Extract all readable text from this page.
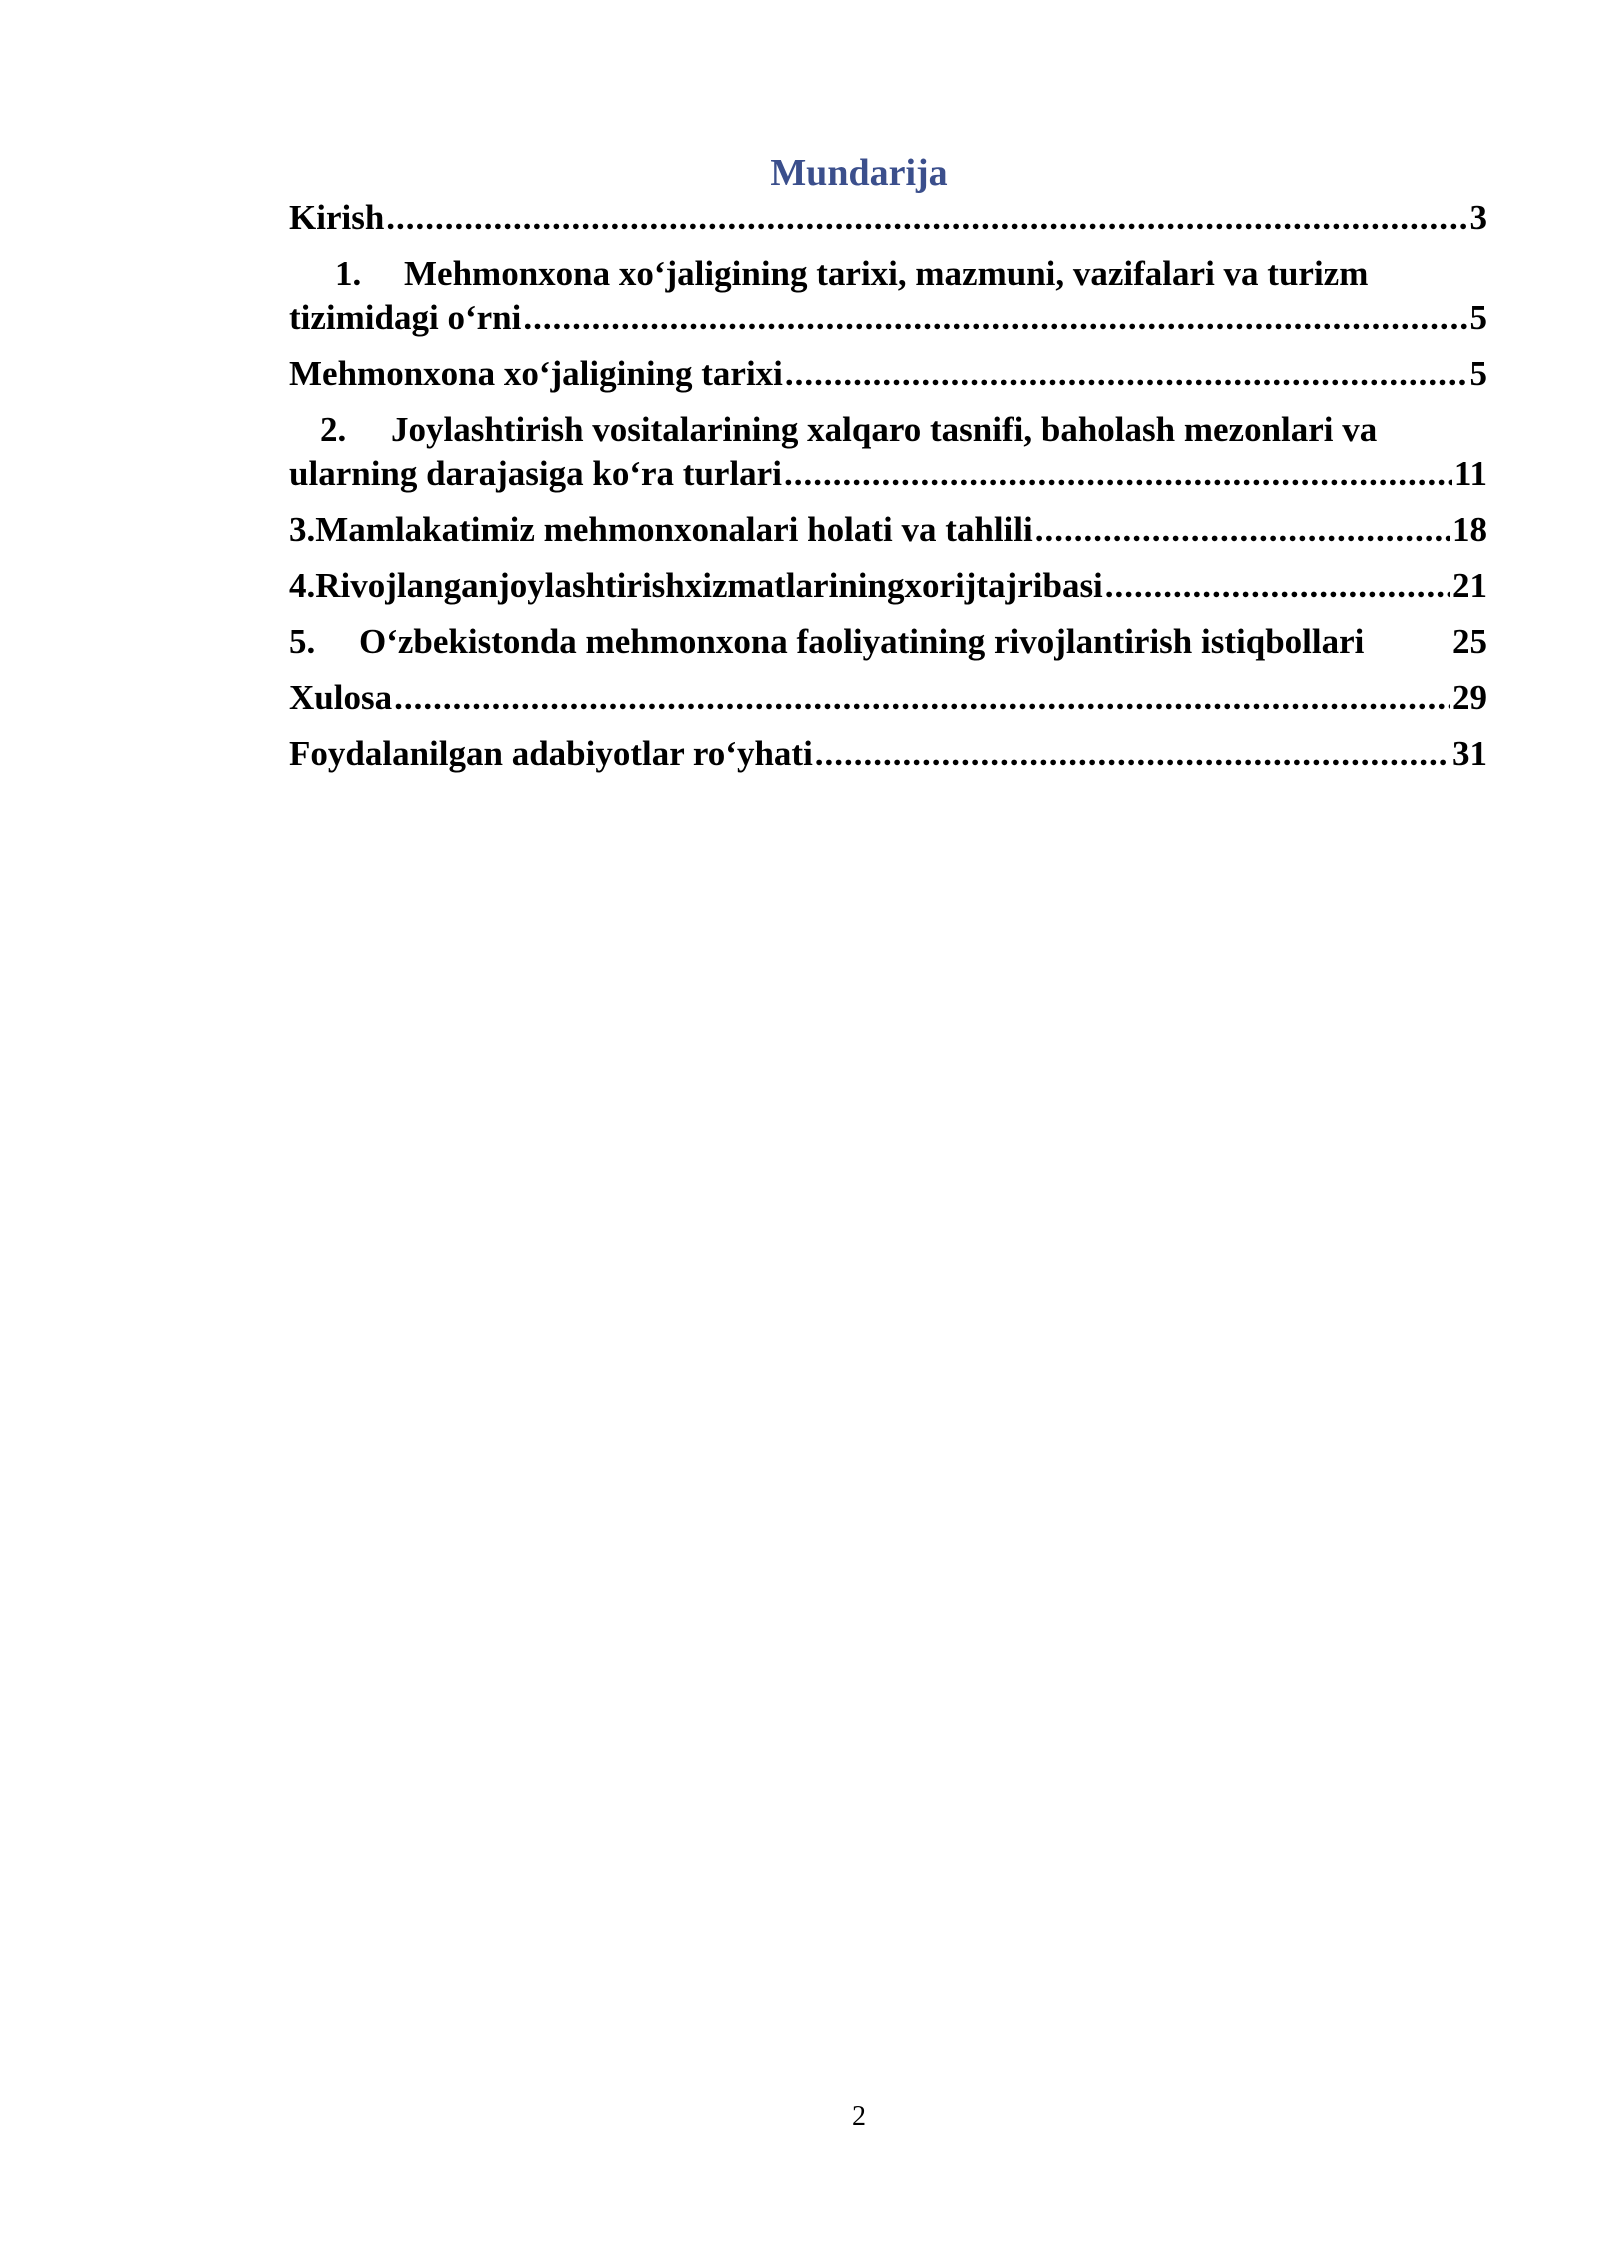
Mundarija
Kirish .....	3
1. Mehmonxona xo‘jaligining tarixi, mazmuni, vazifalari va turizm
tizimidagi o‘rni .....	5
Mehmonxona xo‘jaligining tarixi .....	5
2. Joylashtirish vositalarining xalqaro tasnifi, baholash mezonlari va
ularning darajasiga ko‘ra turlari .....	11
3. Mamlakatimiz mehmonxonalari holati va tahlili .....	18
4. Rivojlangan joylashtirish xizmatlarining xorij tajribasi .....	21
5.	O‘zbekistonda mehmonxona faoliyatining rivojlantirish istiqbollari	25
Xulosa .....	29
Foydalanilgan adabiyotlar ro‘yhati .....	31
2
